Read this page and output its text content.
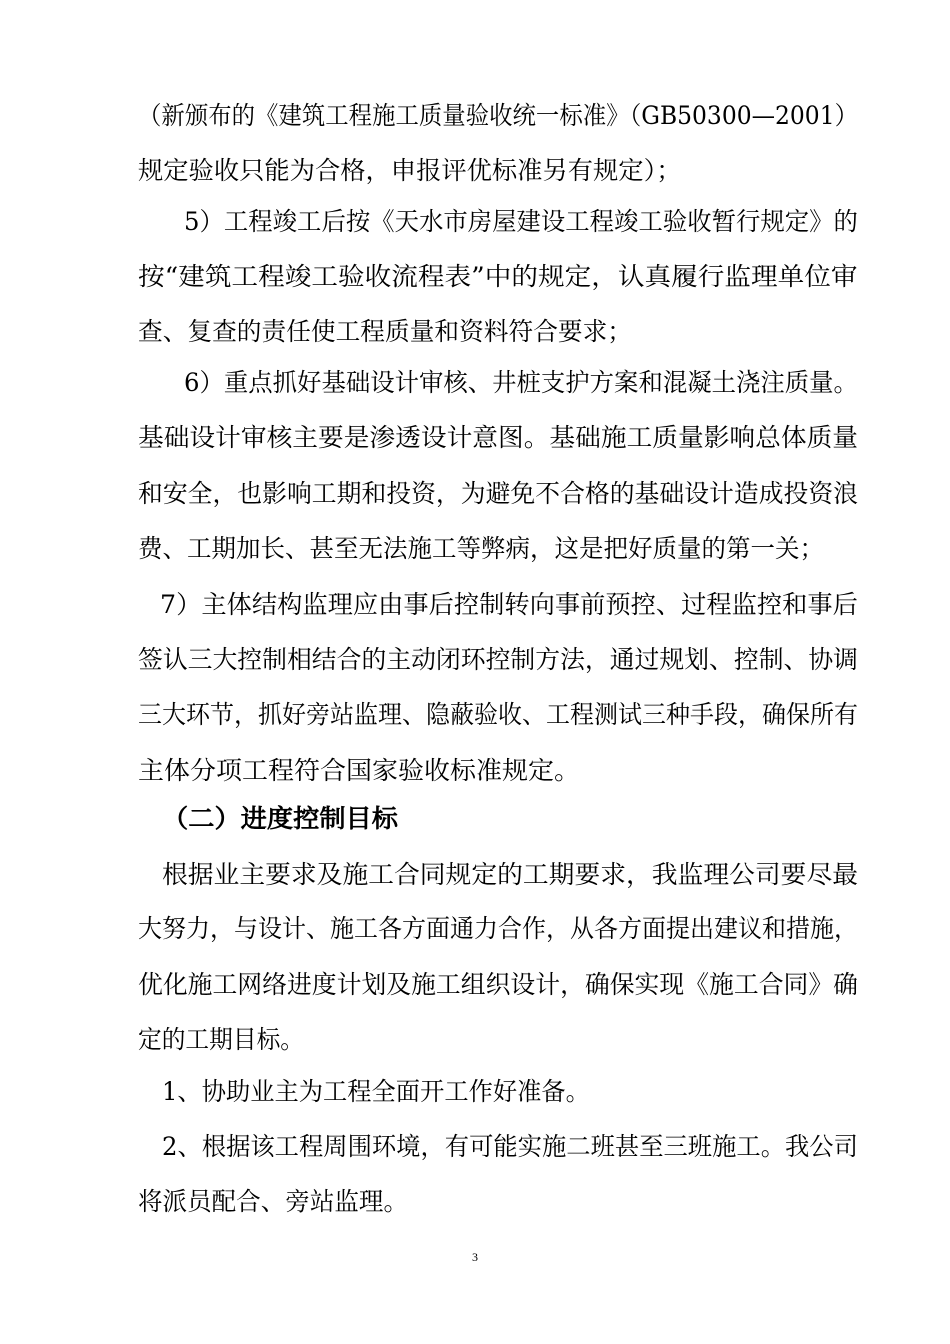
（新颁布的《建筑工程施工质量验收统一标准》（GB50300—2001）
规定验收只能为合格，申报评优标准另有规定）；
5）工程竣工后按《天水市房屋建设工程竣工验收暂行规定》的
按“建筑工程竣工验收流程表”中的规定，认真履行监理单位审
查、复查的责任使工程质量和资料符合要求；
6）重点抓好基础设计审核、井桩支护方案和混凝土浇注质量。
基础设计审核主要是渗透设计意图。基础施工质量影响总体质量
和安全，也影响工期和投资，为避免不合格的基础设计造成投资浪
费、工期加长、甚至无法施工等弊病，这是把好质量的第一关；
7）主体结构监理应由事后控制转向事前预控、过程监控和事后
签认三大控制相结合的主动闭环控制方法，通过规划、控制、协调
三大环节，抓好旁站监理、隐蔽验收、工程测试三种手段，确保所有
主体分项工程符合国家验收标准规定。
（二）进度控制目标
根据业主要求及施工合同规定的工期要求，我监理公司要尽最
大努力，与设计、施工各方面通力合作，从各方面提出建议和措施，
优化施工网络进度计划及施工组织设计，确保实现《施工合同》确
定的工期目标。
1、协助业主为工程全面开工作好准备。
2、根据该工程周围环境，有可能实施二班甚至三班施工。我公司
将派员配合、旁站监理。
3
